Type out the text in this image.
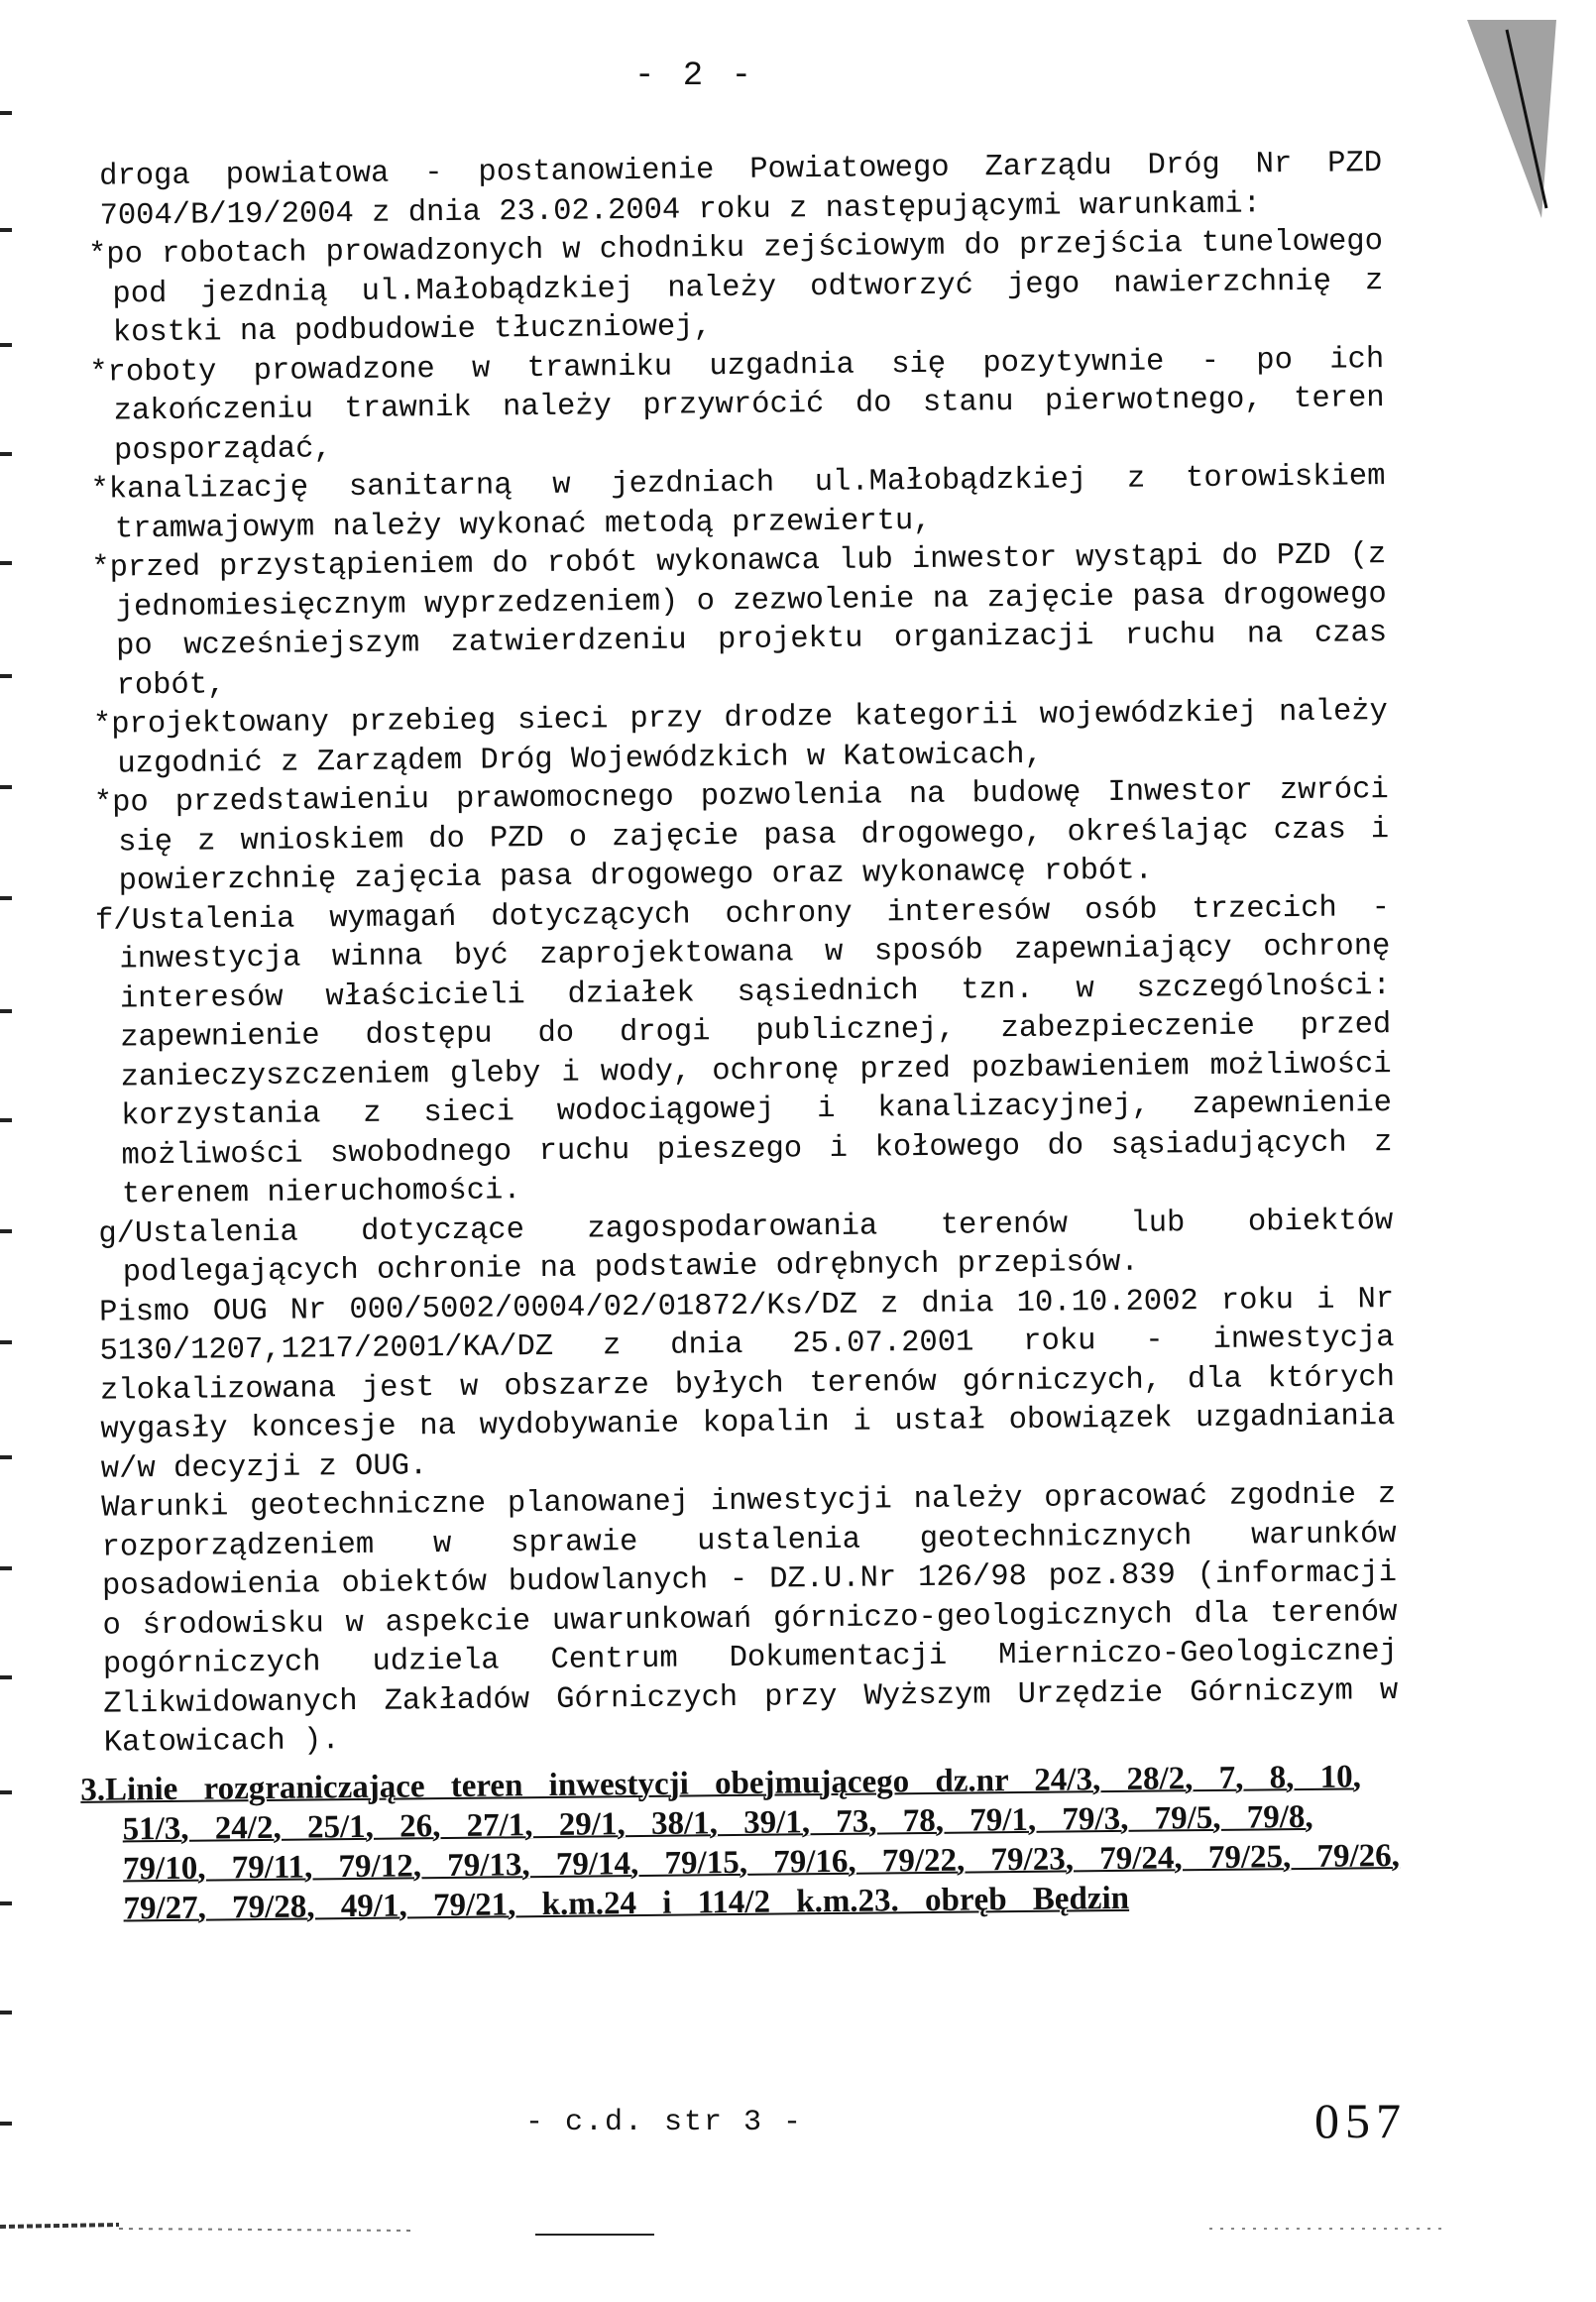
- 2 -

droga powiatowa - postanowienie Powiatowego Zarządu Dróg Nr PZD 7004/B/19/2004 z dnia 23.02.2004 roku z następującymi warunkami:

*po robotach prowadzonych w chodniku zejściowym do przejścia tunelowego pod jezdnią ul.Małobądzkiej należy odtworzyć jego nawierzchnię z kostki na podbudowie tłuczniowej,

*roboty prowadzone w trawniku uzgadnia się pozytywnie - po ich zakończeniu trawnik należy przywrócić do stanu pierwotnego, teren posporządać,

*kanalizację sanitarną w jezdniach ul.Małobądzkiej z torowiskiem tramwajowym należy wykonać metodą przewiertu,

*przed przystąpieniem do robót wykonawca lub inwestor wystąpi do PZD (z jednomiesięcznym wyprzedzeniem) o zezwolenie na zajęcie pasa drogowego po wcześniejszym zatwierdzeniu projektu organizacji ruchu na czas robót,

*projektowany przebieg sieci przy drodze kategorii wojewódzkiej należy uzgodnić z Zarządem Dróg Wojewódzkich w Katowicach,

*po przedstawieniu prawomocnego pozwolenia na budowę Inwestor zwróci się z wnioskiem do PZD o zajęcie pasa drogowego, określając czas i powierzchnię zajęcia pasa drogowego oraz wykonawcę robót.

f/Ustalenia wymagań dotyczących ochrony interesów osób trzecich - inwestycja winna być zaprojektowana w sposób zapewniający ochronę interesów właścicieli działek sąsiednich tzn. w szczególności: zapewnienie dostępu do drogi publicznej, zabezpieczenie przed zanieczyszczeniem gleby i wody, ochronę przed pozbawieniem możliwości korzystania z sieci wodociągowej i kanalizacyjnej, zapewnienie możliwości swobodnego ruchu pieszego i kołowego do sąsiadujących z terenem nieruchomości.

g/Ustalenia dotyczące zagospodarowania terenów lub obiektów podlegających ochronie na podstawie odrębnych przepisów.

Pismo OUG Nr 000/5002/0004/02/01872/Ks/DZ z dnia 10.10.2002 roku i Nr 5130/1207,1217/2001/KA/DZ z dnia 25.07.2001 roku - inwestycja zlokalizowana jest w obszarze byłych terenów górniczych, dla których wygasły koncesje na wydobywanie kopalin i ustał obowiązek uzgadniania w/w decyzji z OUG.

Warunki geotechniczne planowanej inwestycji należy opracować zgodnie z rozporządzeniem w sprawie ustalenia geotechnicznych warunków posadowienia obiektów budowlanych - DZ.U.Nr 126/98 poz.839 (informacji o środowisku w aspekcie uwarunkowań górniczo-geologicznych dla terenów pogórniczych udziela Centrum Dokumentacji Mierniczo-Geologicznej Zlikwidowanych Zakładów Górniczych przy Wyższym Urzędzie Górniczym w Katowicach ).

3.Linie rozgraniczające teren inwestycji obejmującego dz.nr 24/3, 28/2, 7, 8, 10, 51/3, 24/2, 25/1, 26, 27/1, 29/1, 38/1, 39/1, 73, 78, 79/1, 79/3, 79/5, 79/8, 79/10, 79/11, 79/12, 79/13, 79/14, 79/15, 79/16, 79/22, 79/23, 79/24, 79/25, 79/26, 79/27, 79/28, 49/1, 79/21, k.m.24 i 114/2 k.m.23. obręb Będzin

- c.d. str 3 -	057
